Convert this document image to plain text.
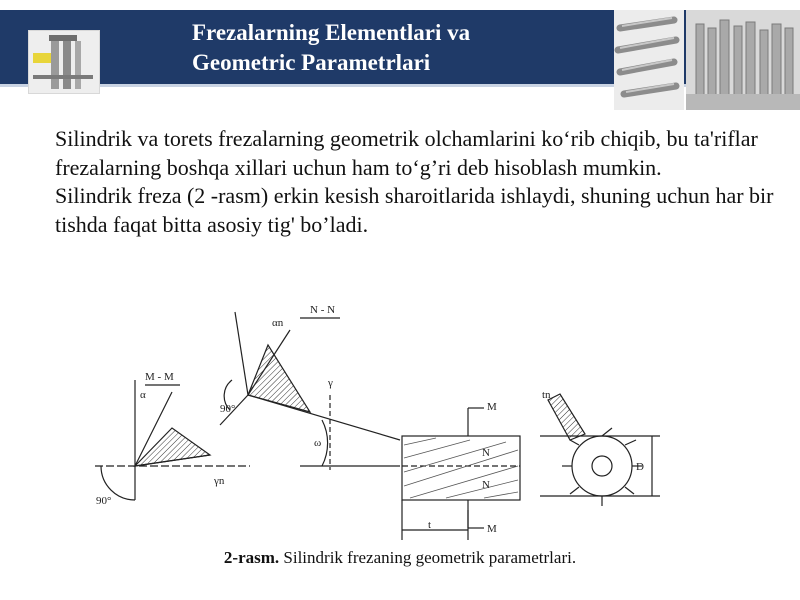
Frezalarning Elementlari va
Geometric Parametrlari

Silindrik va torets frezalarning geometrik olchamlarini ko‘rib chiqib, bu ta'riflar frezalarning boshqa xillari uchun ham to‘g’ri deb hisoblash mumkin.

Silindrik freza (2 -rasm) erkin kesish sharoitlarida ishlaydi, shuning uchun har bir tishda faqat bitta asosiy tig' bo’ladi.

M - M
N - N
α
αn
γ
γn
ω
90°
90°	M
M
N
N
t
D
tn
2-rasm. Silindrik frezaning geometrik parametrlari.
